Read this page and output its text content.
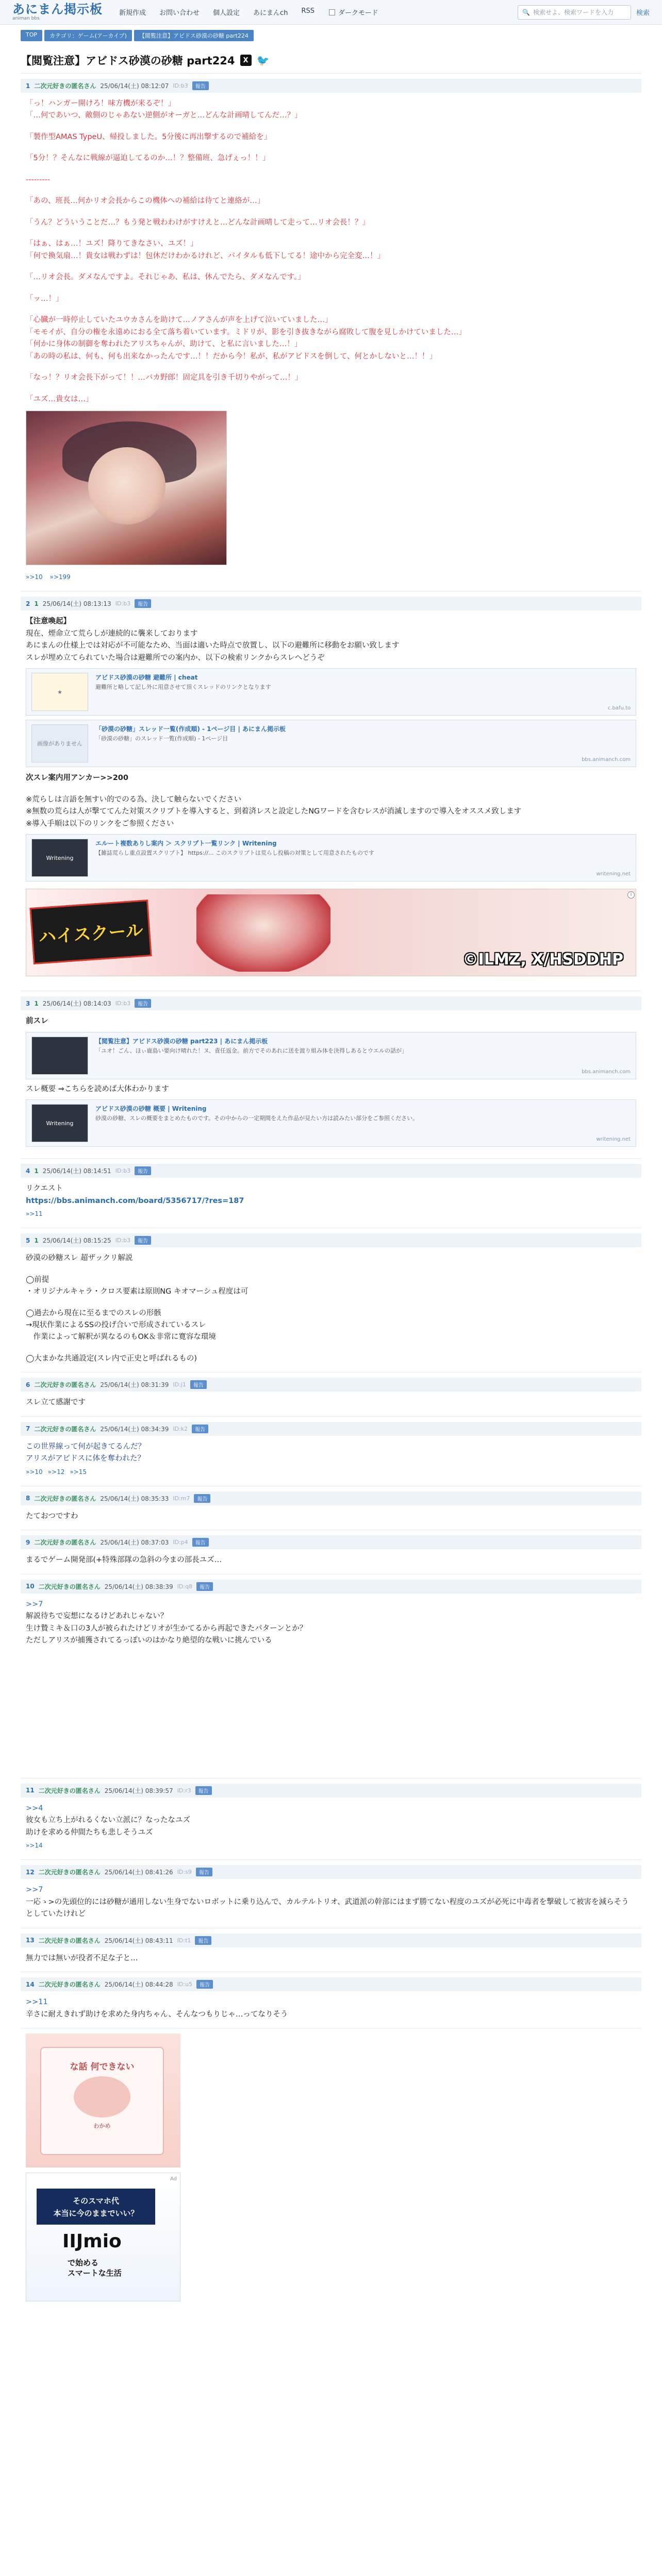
あにまん掲示板
animan bbs
新規作成 お問い合わせ 個人設定 あにまんch RSS	ダークモード	🔍 検索せよ、検索ワードを入力	検索
TOP	カテゴリ：ゲーム(アーカイブ)	【閲覧注意】アビドス砂漠の砂糖 part224
【閲覧注意】アビドス砂漠の砂糖 part224	X 🐦
1 二次元好きの匿名さん 25/06/14(土) 08:12:07 ID:b3	報告
「っ！ハンガー開けろ！味方機が来るぞ！」
「…何であいつ、敵側のじゃあない逆側がオーガと…どんな計画晴してんだ…？」
「製作型AMAS TypeU、帰投しました。5分後に再出撃するので補給を」
「5分！？そんなに戦線が逼迫してるのか…！？整備班、急げぇっ！！」
---------
「あの、班長…何かリオ会長からこの機体への補給は待てと連絡が…」
「うん？どういうことだ…？もう発と戦わわけがすけえと…どんな計画晴して走って…リオ会長！？」
「はぁ、はぁ…！ユズ！降りてきなさい、ユズ！」
「何で換気扇…！貴女は戦わずは！包休だけわかるけれど、バイタルも低下してる！途中から完全変…！」
「…リオ会長。ダメなんですよ。それじゃあ、私は、休んでたら、ダメなんです。」
「ッ…！」
「心臓が一時停止していたユウカさんを助けて…ノアさんが声を上げて泣いていました…」
「モモイが、自分の権を永遠めにおる全て落ち着いています。ミドリが、影を引き抜きながら腐敗して腹を見しかけていました…」
「何かに身体の制御を奪われたアリスちゃんが、助けて、と私に言いました…！」
「あの時の私は、何も、何も出来なかったんです…！！だから今！私が、私がアビドスを倒して、何とかしないと…！！」
「なっ！？リオ会長下がって！！…バカ野郎！固定具を引き千切りやがって…！」
「ユズ…貴女は…」
»>10 »>199
2 1 25/06/14(土) 08:13:13 ID:b3	報告
【注意喚起】
現在、煙命立て荒らしが連続的に襲来しております
あにまんの仕様上では対応が不可能なため、当面は適いた時点で放置し、以下の避難所に移動をお願い致します
スレが埋め立てられていた場合は避難所での案内か、以下の検索リンクからスレへどうぞ
★
アビドス砂漠の砂糖 避難所 | cheat
避難所と略して記し外に用意させて頂くスレッドのリンクとなります
c.bafu.to
画像がありません
「砂漠の砂糖」スレッド一覧(作成順) - 1ページ目 | あにまん掲示板
「砂漠の砂糖」のスレッド一覧(作成順) - 1ページ目
bbs.animanch.com
次スレ案内用アンカー>>200
※荒らしは言語を無すい的でのる為、決して触らないでください
※無数の荒らは人が撃ててんた対策スクリプトを導入すると、到着済レスと設定したNGワードを含むレスが消滅しますので導入をオススメ致します
※導入手順は以下のリンクをご参照ください
Writening
エルート複数ありし案内 ＞ スクリプト一覧リンク | Writening
【雑誌荒らし重点設置スクリプト】 https://... このスクリプトは荒らし投稿の対策として用意されたものです
writening.net
ハイスクール
©ILMZ, X/HSDDHP
i
3 1 25/06/14(土) 08:14:03 ID:b3	報告
前スレ
【閲覧注意】アビドス砂漠の砂糖 part223 | あにまん掲示板
「ユオ！ごん、ほぃ鹿島い要向け晴れた！ヌ、責任返金。前方でそのあれに送を渡り組み体を決得しあるとウエルの話が」
bbs.animanch.com
スレ概要 ⇒こちらを読めば大体わかります
Writening
アビドス砂漠の砂糖 概要 | Writening
砂漠の砂糖、スレの概要をまとめたものです。その中からの一定期間をえた作品が見たい方は読みたい部分をご参照ください。
writening.net
4 1 25/06/14(土) 08:14:51 ID:b3	報告
リクエスト
https://bbs.animanch.com/board/5356717/?res=187
»>11
5 1 25/06/14(土) 08:15:25 ID:b3	報告
砂漠の砂糖スレ 超ザックリ解説
◯前提
・オリジナルキャラ・クロス要素は原則NG キオマーシュ程度は可
◯過去から現在に至るまでのスレの形骸
→現状作業によるSSの投げ合いで形成されているスレ
　作業によって解釈が異なるのもOK＆非常に寛容な環境
◯大まかな共通設定(スレ内で正史と呼ばれるもの)
6 二次元好きの匿名さん 25/06/14(土) 08:31:39 ID:j1	報告
スレ立て感謝です
7 二次元好きの匿名さん 25/06/14(土) 08:34:39 ID:k2	報告
この世界線って何が起きてるんだ？
アリスがアビドスに体を奪われた？
»>10 »>12 »>15
8 二次元好きの匿名さん 25/06/14(土) 08:35:33 ID:m7	報告
たておつですわ
9 二次元好きの匿名さん 25/06/14(土) 08:37:03 ID:p4	報告
まるでゲーム開発部(+特殊部隊の急斜の今まの部長ユズ…
10 二次元好きの匿名さん 25/06/14(土) 08:38:39 ID:q8	報告
>>7
解説待ちで妄想になるけどあれじゃない？
生け贄ミキ＆口の3人が被られたけどリオが生かてるから再起できたパターンとか？
ただしアリスが捕獲されてるっぽいのはかなり絶望的な戦いに挑んでいる
11 二次元好きの匿名さん 25/06/14(土) 08:39:57 ID:r3	報告
>>4
彼女も立ち上がれるくない立派に？なったなユズ
助けを求める仲間たちも悲しそうユズ
»>14
12 二次元好きの匿名さん 25/06/14(土) 08:41:26 ID:s9	報告
>>7
一応ゝ>の先頭位的には砂糖が通用しない生身でないロボットに乗り込んで、カルテルトリオ、武道派の幹部にはまず勝てない程度のユズが必死に中毒者を撃破して被害を減らそうとしていたけれど
13 二次元好きの匿名さん 25/06/14(土) 08:43:11 ID:t1	報告
無力では無いが役者不足な子と…
14 二次元好きの匿名さん 25/06/14(土) 08:44:28 ID:u5	報告
>>11
辛さに耐えきれず助けを求めた身内ちゃん、そんなつもりじゃ…ってなりそう
な話 何できない
わかめ
Ad
そのスマホ代
本当に今のままでいい？
IIJmio
で始める
スマートな生活
